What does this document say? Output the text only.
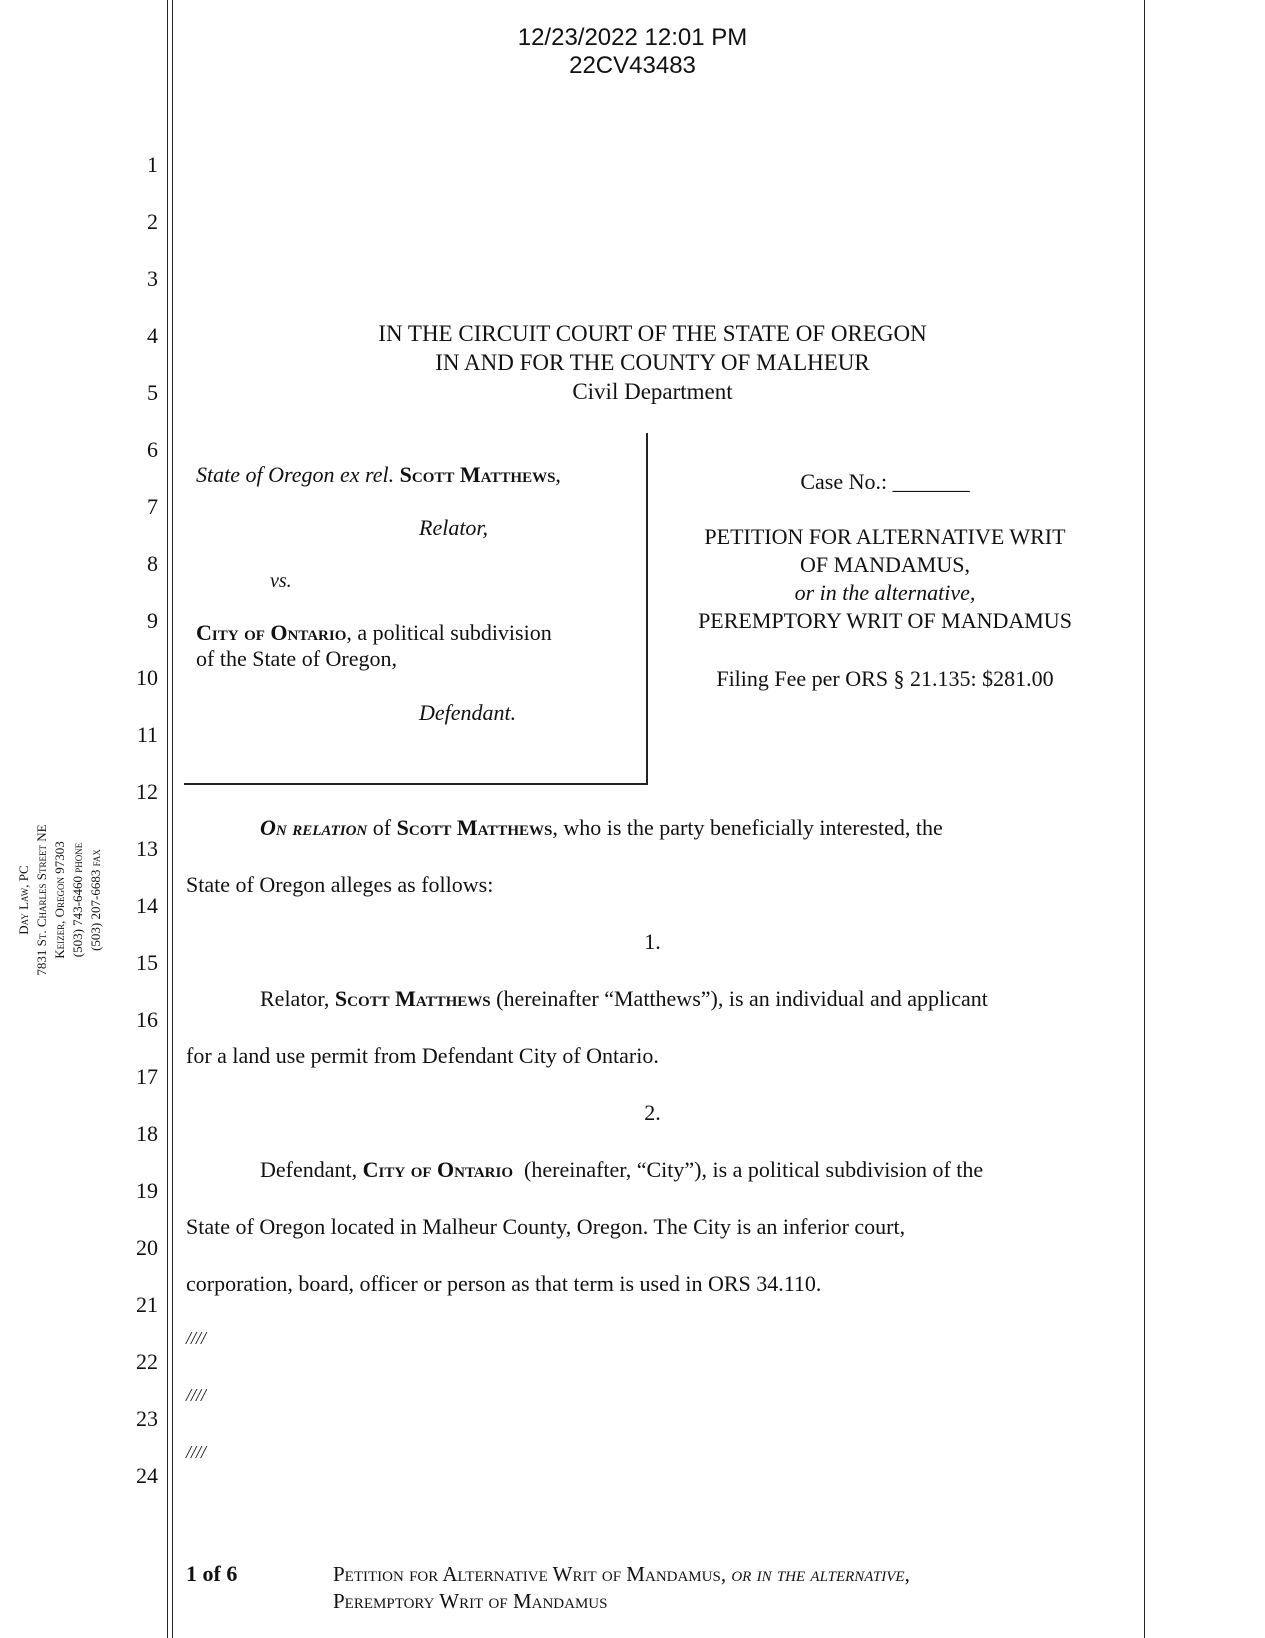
12/23/2022 12:01 PM
22CV43483
1
2
3
4
5
6
7
8
9
10
11
12
13
14
15
16
17
18
19
20
21
22
23
24
Day Law, PC 7831 St. Charles Street NE Keizer, Oregon 97303 (503) 743-6460 phone (503) 207-6683 fax
IN THE CIRCUIT COURT OF THE STATE OF OREGON
IN AND FOR THE COUNTY OF MALHEUR
Civil Department
State of Oregon ex rel. Scott Matthews,
Relator,
vs.
City of Ontario, a political subdivision
of the State of Oregon,
Defendant.
Case No.: _______
PETITION FOR ALTERNATIVE WRIT
OF MANDAMUS,
or in the alternative,
PEREMPTORY WRIT OF MANDAMUS
Filing Fee per ORS § 21.135: $281.00
On relation of Scott Matthews, who is the party beneficially interested, the
State of Oregon alleges as follows:
1.
Relator, Scott Matthews (hereinafter “Matthews”), is an individual and applicant
for a land use permit from Defendant City of Ontario.
2.
Defendant, City of Ontario  (hereinafter, “City”), is a political subdivision of the
State of Oregon located in Malheur County, Oregon. The City is an inferior court,
corporation, board, officer or person as that term is used in ORS 34.110.
////
////
////
1 of 6	Petition for Alternative Writ of Mandamus, or in the alternative,
Peremptory Writ of Mandamus
